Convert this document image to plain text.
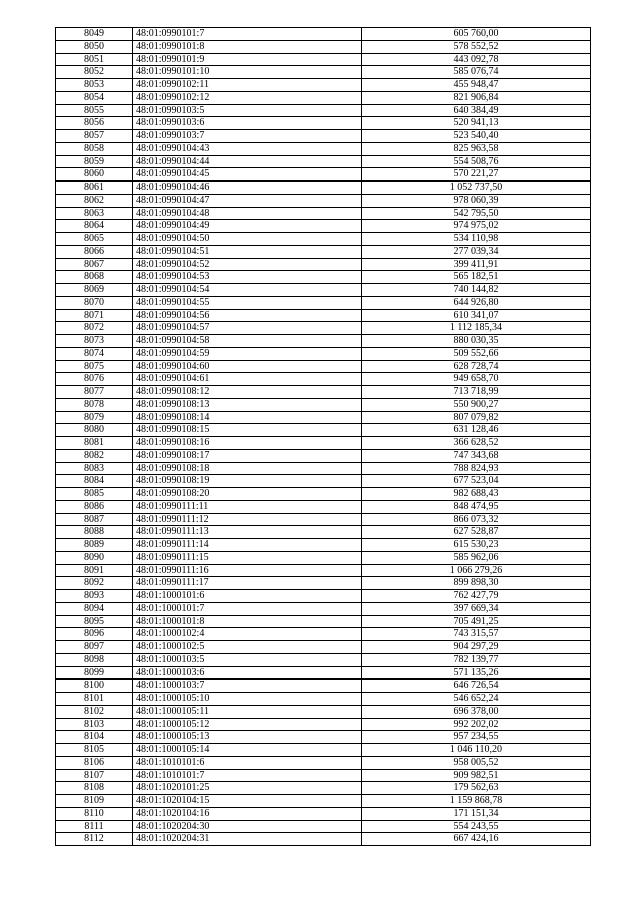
8049	48:01:0990101:7	605 760,00
8050	48:01:0990101:8	578 552,52
8051	48:01:0990101:9	443 092,78
8052	48:01:0990101:10	585 076,74
8053	48:01:0990102:11	455 948,47
8054	48:01:0990102:12	821 906,84
8055	48:01:0990103:5	640 384,49
8056	48:01:0990103:6	520 941,13
8057	48:01:0990103:7	523 540,40
8058	48:01:0990104:43	825 963,58
8059	48:01:0990104:44	554 508,76
8060	48:01:0990104:45	570 221,27
8061	48:01:0990104:46	1 052 737,50
8062	48:01:0990104:47	978 060,39
8063	48:01:0990104:48	542 795,50
8064	48:01:0990104:49	974 975,02
8065	48:01:0990104:50	534 110,98
8066	48:01:0990104:51	277 039,34
8067	48:01:0990104:52	399 411,91
8068	48:01:0990104:53	565 182,51
8069	48:01:0990104:54	740 144,82
8070	48:01:0990104:55	644 926,80
8071	48:01:0990104:56	610 341,07
8072	48:01:0990104:57	1 112 185,34
8073	48:01:0990104:58	880 030,35
8074	48:01:0990104:59	509 552,66
8075	48:01:0990104:60	628 728,74
8076	48:01:0990104:61	949 658,70
8077	48:01:0990108:12	713 718,99
8078	48:01:0990108:13	550 900,27
8079	48:01:0990108:14	807 079,82
8080	48:01:0990108:15	631 128,46
8081	48:01:0990108:16	366 628,52
8082	48:01:0990108:17	747 343,68
8083	48:01:0990108:18	788 824,93
8084	48:01:0990108:19	677 523,04
8085	48:01:0990108:20	982 688,43
8086	48:01:0990111:11	848 474,95
8087	48:01:0990111:12	866 073,32
8088	48:01:0990111:13	627 528,87
8089	48:01:0990111:14	615 530,23
8090	48:01:0990111:15	585 962,06
8091	48:01:0990111:16	1 066 279,26
8092	48:01:0990111:17	899 898,30
8093	48:01:1000101:6	762 427,79
8094	48:01:1000101:7	397 669,34
8095	48:01:1000101:8	705 491,25
8096	48:01:1000102:4	743 315,57
8097	48:01:1000102:5	904 297,29
8098	48:01:1000103:5	782 139,77
8099	48:01:1000103:6	571 135,26
8100	48:01:1000103:7	646 726,54
8101	48:01:1000105:10	546 652,24
8102	48:01:1000105:11	696 378,00
8103	48:01:1000105:12	992 202,02
8104	48:01:1000105:13	957 234,55
8105	48:01:1000105:14	1 046 110,20
8106	48:01:1010101:6	958 005,52
8107	48:01:1010101:7	909 982,51
8108	48:01:1020101:25	179 562,63
8109	48:01:1020104:15	1 159 868,78
8110	48:01:1020104:16	171 151,34
8111	48:01:1020204:30	554 243,55
8112	48:01:1020204:31	667 424,16
